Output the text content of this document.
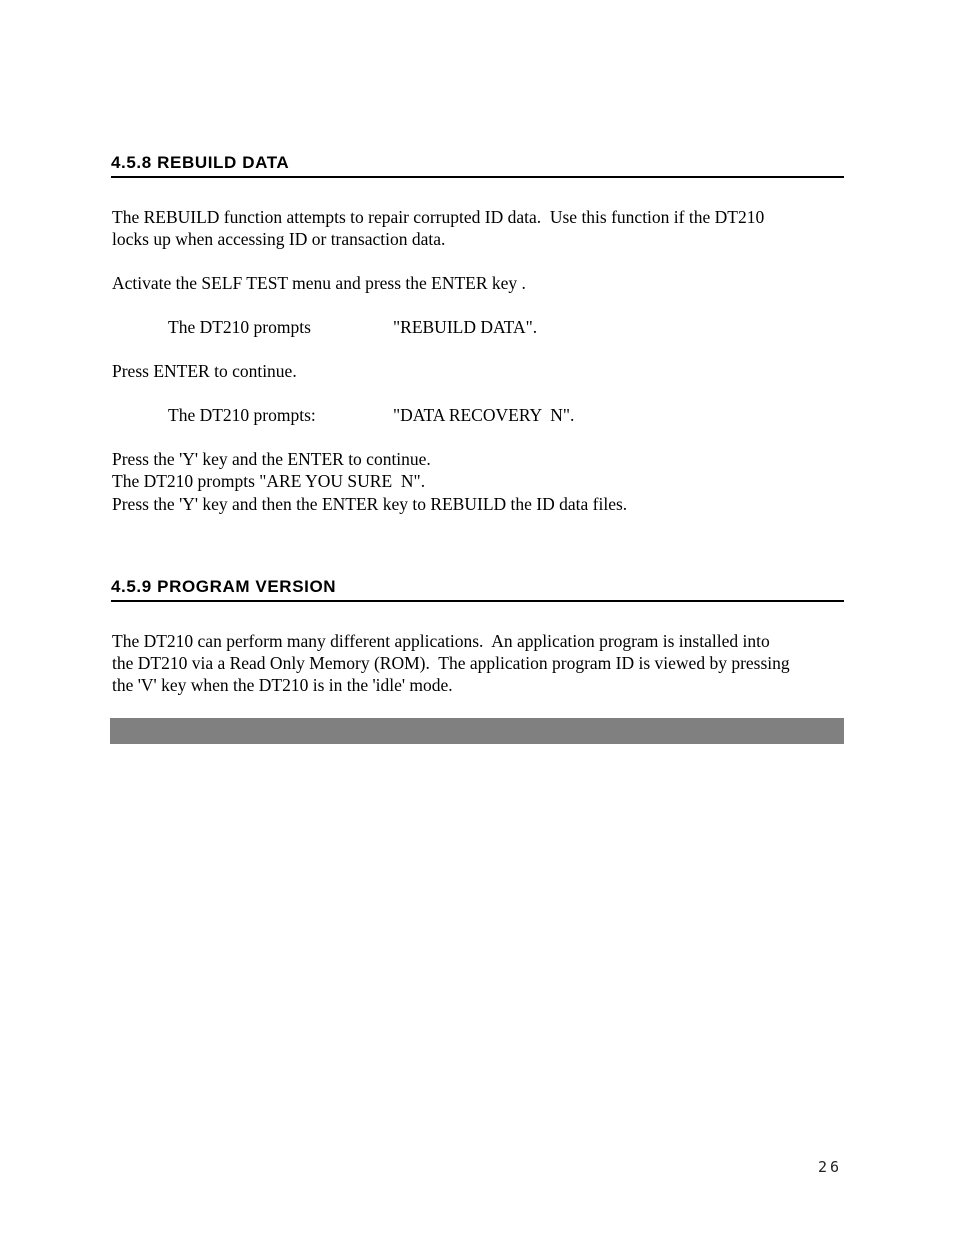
4.5.8 REBUILD DATA
The REBUILD function attempts to repair corrupted ID data.  Use this function if the DT210
locks up when accessing ID or transaction data.
Activate the SELF TEST menu and press the ENTER key .
The DT210 prompts	"REBUILD DATA".
Press ENTER to continue.
The DT210 prompts:	"DATA RECOVERY  N".
Press the 'Y' key and the ENTER to continue.
The DT210 prompts "ARE YOU SURE  N".
Press the 'Y' key and then the ENTER key to REBUILD the ID data files.
4.5.9 PROGRAM VERSION
The DT210 can perform many different applications.  An application program is installed into
the DT210 via a Read Only Memory (ROM).  The application program ID is viewed by pressing
the 'V' key when the DT210 is in the 'idle' mode.
26
